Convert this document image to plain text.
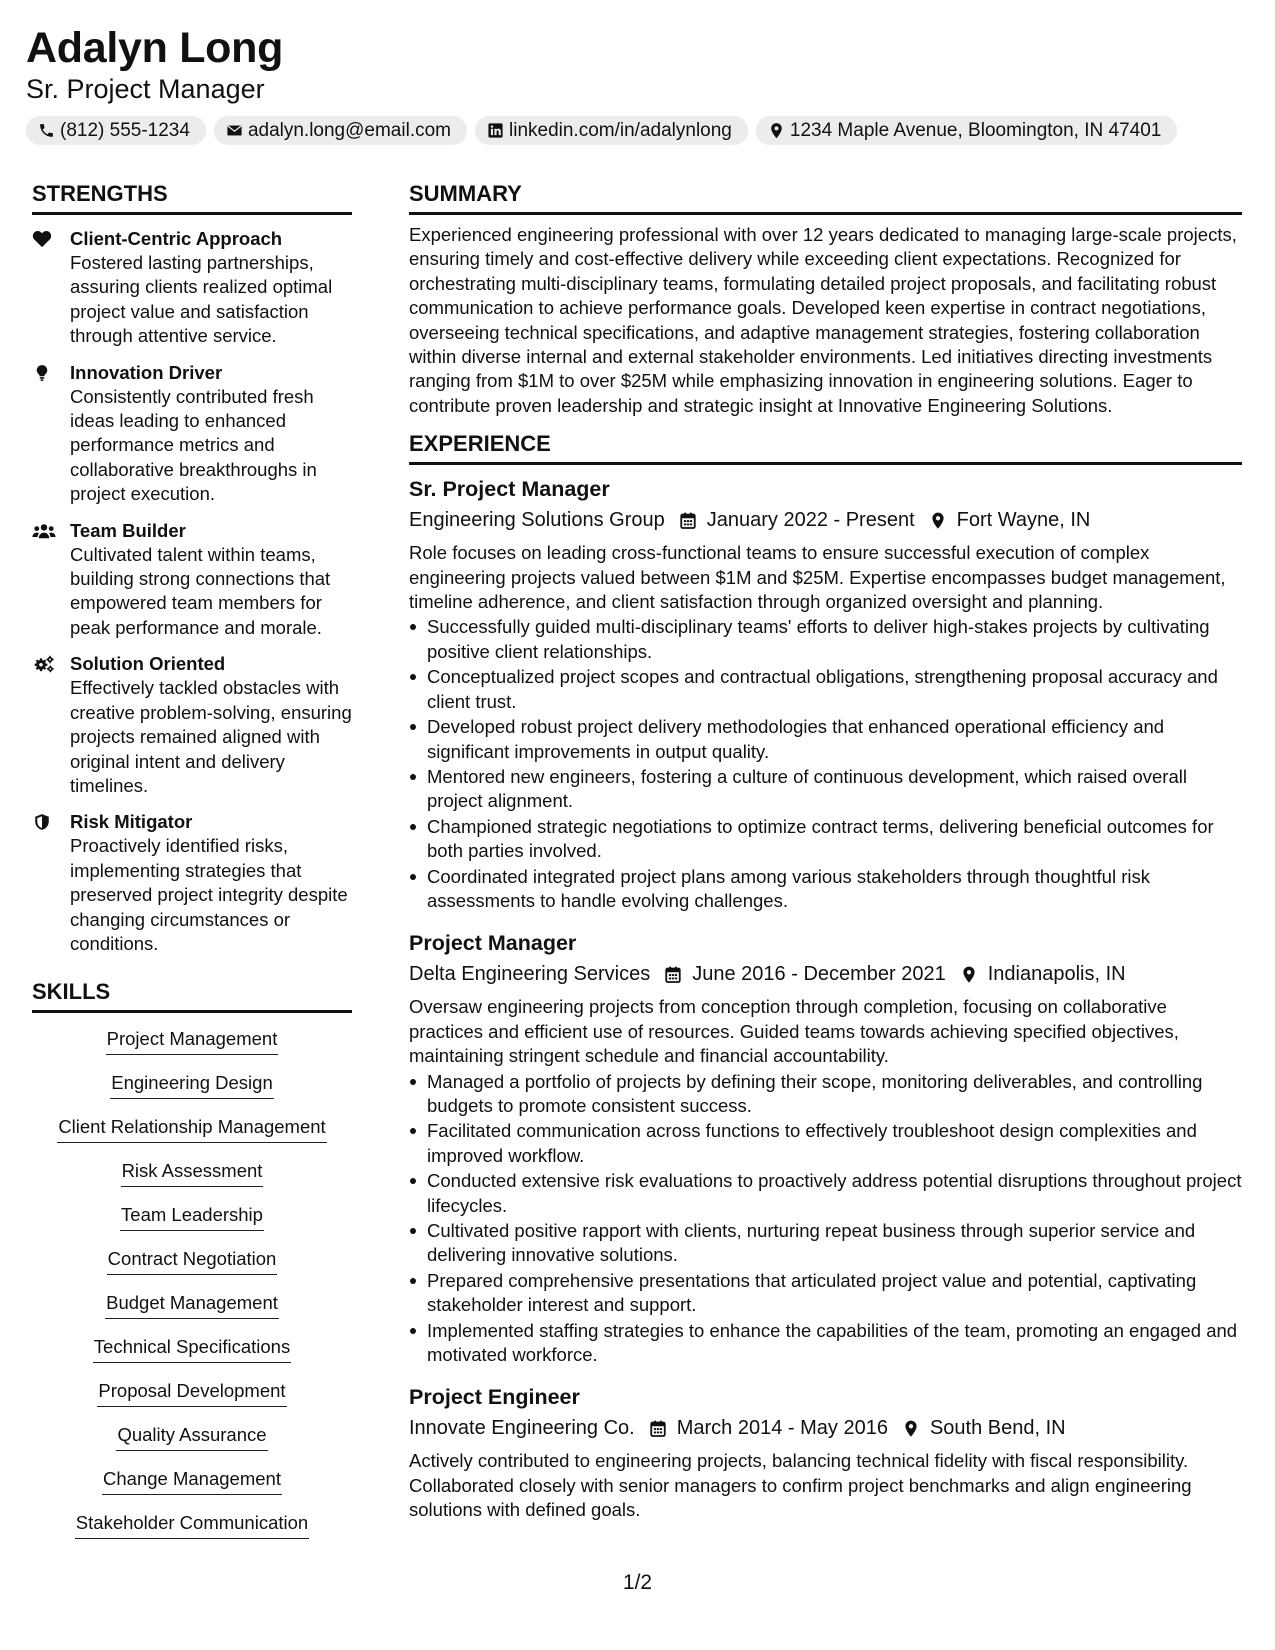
Adalyn Long
Sr. Project Manager
(812) 555-1234	adalyn.long@email.com	linkedin.com/in/adalynlong	1234 Maple Avenue, Bloomington, IN 47401
STRENGTHS
Client-Centric Approach
Fostered lasting partnerships, assuring clients realized optimal project value and satisfaction through attentive service.
Innovation Driver
Consistently contributed fresh ideas leading to enhanced performance metrics and collaborative breakthroughs in project execution.
Team Builder
Cultivated talent within teams, building strong connections that empowered team members for peak performance and morale.
Solution Oriented
Effectively tackled obstacles with creative problem-solving, ensuring projects remained aligned with original intent and delivery timelines.
Risk Mitigator
Proactively identified risks, implementing strategies that preserved project integrity despite changing circumstances or conditions.
SKILLS
Project Management
Engineering Design
Client Relationship Management
Risk Assessment
Team Leadership
Contract Negotiation
Budget Management
Technical Specifications
Proposal Development
Quality Assurance
Change Management
Stakeholder Communication
SUMMARY
Experienced engineering professional with over 12 years dedicated to managing large-scale projects, ensuring timely and cost-effective delivery while exceeding client expectations. Recognized for orchestrating multi-disciplinary teams, formulating detailed project proposals, and facilitating robust communication to achieve performance goals. Developed keen expertise in contract negotiations, overseeing technical specifications, and adaptive management strategies, fostering collaboration within diverse internal and external stakeholder environments. Led initiatives directing investments ranging from $1M to over $25M while emphasizing innovation in engineering solutions. Eager to contribute proven leadership and strategic insight at Innovative Engineering Solutions.
EXPERIENCE
Sr. Project Manager
Engineering Solutions Group January 2022 - Present Fort Wayne, IN
Role focuses on leading cross-functional teams to ensure successful execution of complex engineering projects valued between $1M and $25M. Expertise encompasses budget management, timeline adherence, and client satisfaction through organized oversight and planning.
Successfully guided multi-disciplinary teams' efforts to deliver high-stakes projects by cultivating positive client relationships.
Conceptualized project scopes and contractual obligations, strengthening proposal accuracy and client trust.
Developed robust project delivery methodologies that enhanced operational efficiency and significant improvements in output quality.
Mentored new engineers, fostering a culture of continuous development, which raised overall project alignment.
Championed strategic negotiations to optimize contract terms, delivering beneficial outcomes for both parties involved.
Coordinated integrated project plans among various stakeholders through thoughtful risk assessments to handle evolving challenges.
Project Manager
Delta Engineering Services June 2016 - December 2021 Indianapolis, IN
Oversaw engineering projects from conception through completion, focusing on collaborative practices and efficient use of resources. Guided teams towards achieving specified objectives, maintaining stringent schedule and financial accountability.
Managed a portfolio of projects by defining their scope, monitoring deliverables, and controlling budgets to promote consistent success.
Facilitated communication across functions to effectively troubleshoot design complexities and improved workflow.
Conducted extensive risk evaluations to proactively address potential disruptions throughout project lifecycles.
Cultivated positive rapport with clients, nurturing repeat business through superior service and delivering innovative solutions.
Prepared comprehensive presentations that articulated project value and potential, captivating stakeholder interest and support.
Implemented staffing strategies to enhance the capabilities of the team, promoting an engaged and motivated workforce.
Project Engineer
Innovate Engineering Co. March 2014 - May 2016 South Bend, IN
Actively contributed to engineering projects, balancing technical fidelity with fiscal responsibility. Collaborated closely with senior managers to confirm project benchmarks and align engineering solutions with defined goals.
1/2
